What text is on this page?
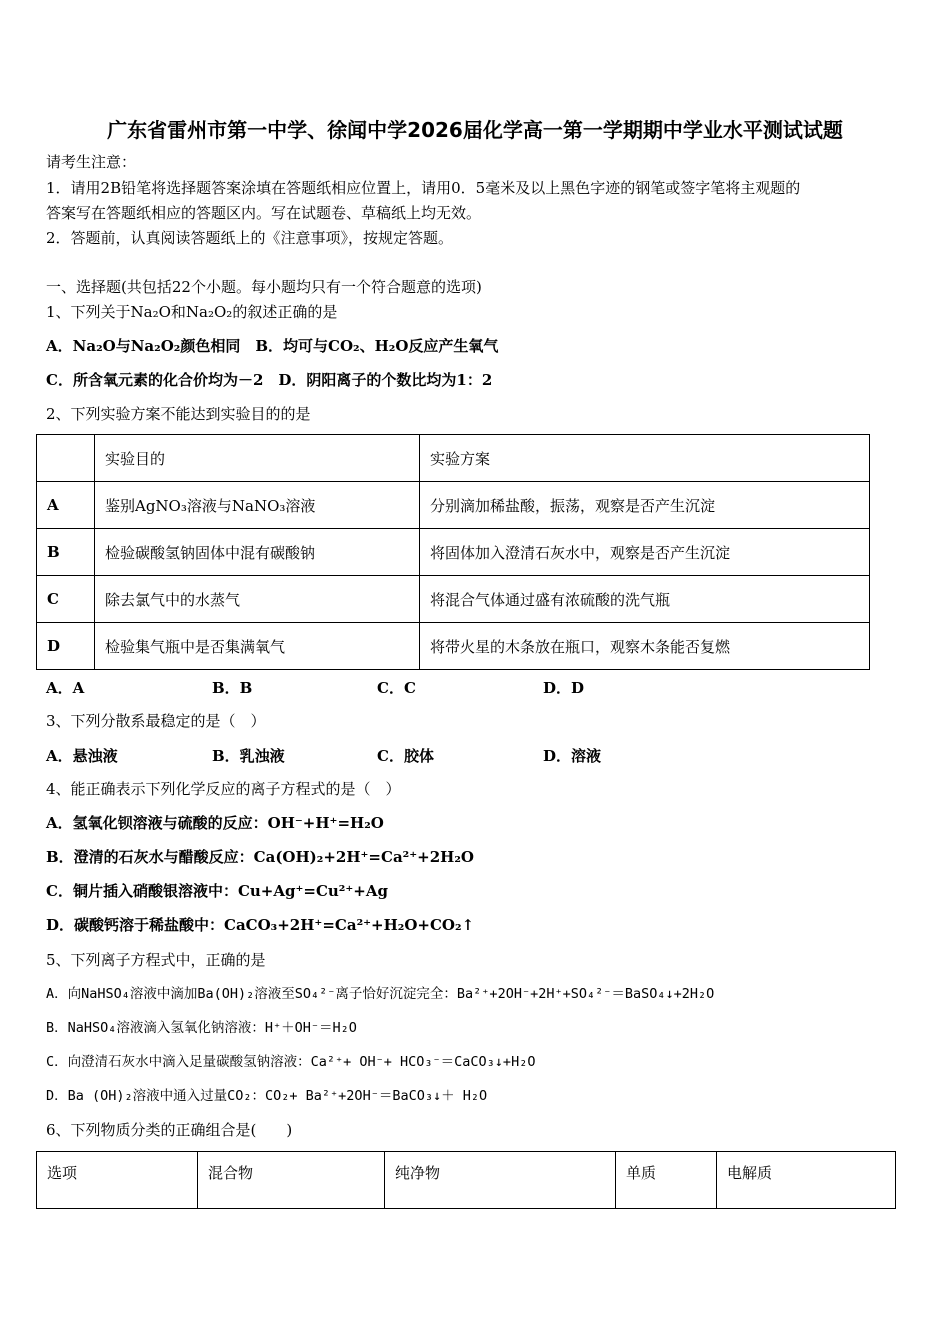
广东省雷州市第一中学、徐闻中学2026届化学高一第一学期期中学业水平测试试题
请考生注意：
1．请用2B铅笔将选择题答案涂填在答题纸相应位置上，请用0．5毫米及以上黑色字迹的钢笔或签字笔将主观题的
答案写在答题纸相应的答题区内。写在试题卷、草稿纸上均无效。
2．答题前，认真阅读答题纸上的《注意事项》，按规定答题。
一、选择题(共包括22个小题。每小题均只有一个符合题意的选项)
1、下列关于Na₂O和Na₂O₂的叙述正确的是
A．Na₂O与Na₂O₂颜色相同　B．均可与CO₂、H₂O反应产生氧气
C．所含氧元素的化合价均为－2　D．阴阳离子的个数比均为1：2
2、下列实验方案不能达到实验目的的是
	实验目的	实验方案
A	鉴别AgNO₃溶液与NaNO₃溶液	分别滴加稀盐酸，振荡，观察是否产生沉淀
B	检验碳酸氢钠固体中混有碳酸钠	将固体加入澄清石灰水中，观察是否产生沉淀
C	除去氯气中的水蒸气	将混合气体通过盛有浓硫酸的洗气瓶
D	检验集气瓶中是否集满氧气	将带火星的木条放在瓶口，观察木条能否复燃
A．A	B．B	C．C	D．D
3、下列分散系最稳定的是（　）
A．悬浊液	B．乳浊液	C．胶体	D．溶液
4、能正确表示下列化学反应的离子方程式的是（　）
A．氢氧化钡溶液与硫酸的反应：OH⁻+H⁺=H₂O
B．澄清的石灰水与醋酸反应：Ca(OH)₂+2H⁺=Ca²⁺+2H₂O
C．铜片插入硝酸银溶液中：Cu+Ag⁺=Cu²⁺+Ag
D．碳酸钙溶于稀盐酸中：CaCO₃+2H⁺=Ca²⁺+H₂O+CO₂↑
5、下列离子方程式中，正确的是
A．向NaHSO₄溶液中滴加Ba(OH)₂溶液至SO₄²⁻离子恰好沉淀完全：Ba²⁺+2OH⁻+2H⁺+SO₄²⁻＝BaSO₄↓+2H₂O
B．NaHSO₄溶液滴入氢氧化钠溶液：H⁺＋OH⁻＝H₂O
C．向澄清石灰水中滴入足量碳酸氢钠溶液：Ca²⁺+ OH⁻+ HCO₃⁻＝CaCO₃↓+H₂O
D．Ba (OH)₂溶液中通入过量CO₂：CO₂+ Ba²⁺+2OH⁻＝BaCO₃↓＋ H₂O
6、下列物质分类的正确组合是(　　)
选项	混合物	纯净物	单质	电解质
